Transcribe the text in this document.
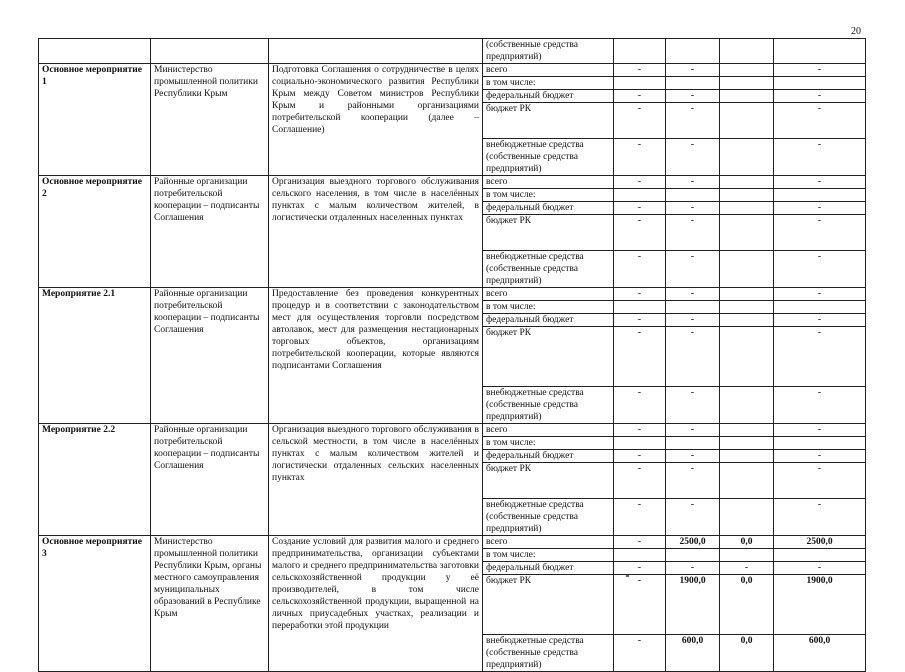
20
			(собственные средства предприятий)				
Основное мероприятие 1	Министерство промышленной политики Республики Крым	Подготовка Соглашения о сотрудничестве в целях социально-экономического развития Республики Крым между Советом министров Республики Крым и районными организациями потребительской кооперации (далее – Соглашение)	всего	-	-		-
			в том числе:				
			федеральный бюджет	-	-		-
			бюджет РК	-	-		-
			внебюджетные средства (собственные средства предприятий)	-	-		-
Основное мероприятие 2	Районные организации потребительской кооперации – подписанты Соглашения	Организация выездного торгового обслуживания сельского населения, в том числе в населённых пунктах с малым количеством жителей, в логистически отдаленных населенных пунктах	всего	-	-		-
			в том числе:				
			федеральный бюджет	-	-		-
			бюджет РК	-	-		-
			внебюджетные средства (собственные средства предприятий)	-	-		-
Мероприятие 2.1	Районные организации потребительской кооперации – подписанты Соглашения	Предоставление без проведения конкурентных процедур и в соответствии с законодательством мест для осуществления торговли посредством автолавок, мест для размещения нестационарных торговых объектов, организациям потребительской кооперации, которые являются подписантами Соглашения	всего	-	-		-
			в том числе:				
			федеральный бюджет	-	-		-
			бюджет РК	-	-		-
			внебюджетные средства (собственные средства предприятий)	-	-		-
Мероприятие 2.2	Районные организации потребительской кооперации – подписанты Соглашения	Организация выездного торгового обслуживания в сельской местности, в том числе в населённых пунктах с малым количеством жителей и логистически отдаленных сельских населенных пунктах	всего	-	-		-
			в том числе:				
			федеральный бюджет	-	-		-
			бюджет РК	-	-		-
			внебюджетные средства (собственные средства предприятий)	-	-		-
Основное мероприятие 3	Министерство промышленной политики Республики Крым, органы местного самоуправления муниципальных образований в Республике Крым	Создание условий для развития малого и среднего предпринимательства, организации субъектами малого и среднего предпринимательства заготовки сельскохозяйственной продукции у её производителей, в том числе сельскохозяйственной продукции, выращенной на личных приусадебных участках, реализации и переработки этой продукции	всего	-	2500,0	0,0	2500,0
			в том числе:				
			федеральный бюджет	-	-	-	-
			бюджет РК	-	1900,0	0,0	1900,0
			внебюджетные средства (собственные средства предприятий)	-	600,0	0,0	600,0
